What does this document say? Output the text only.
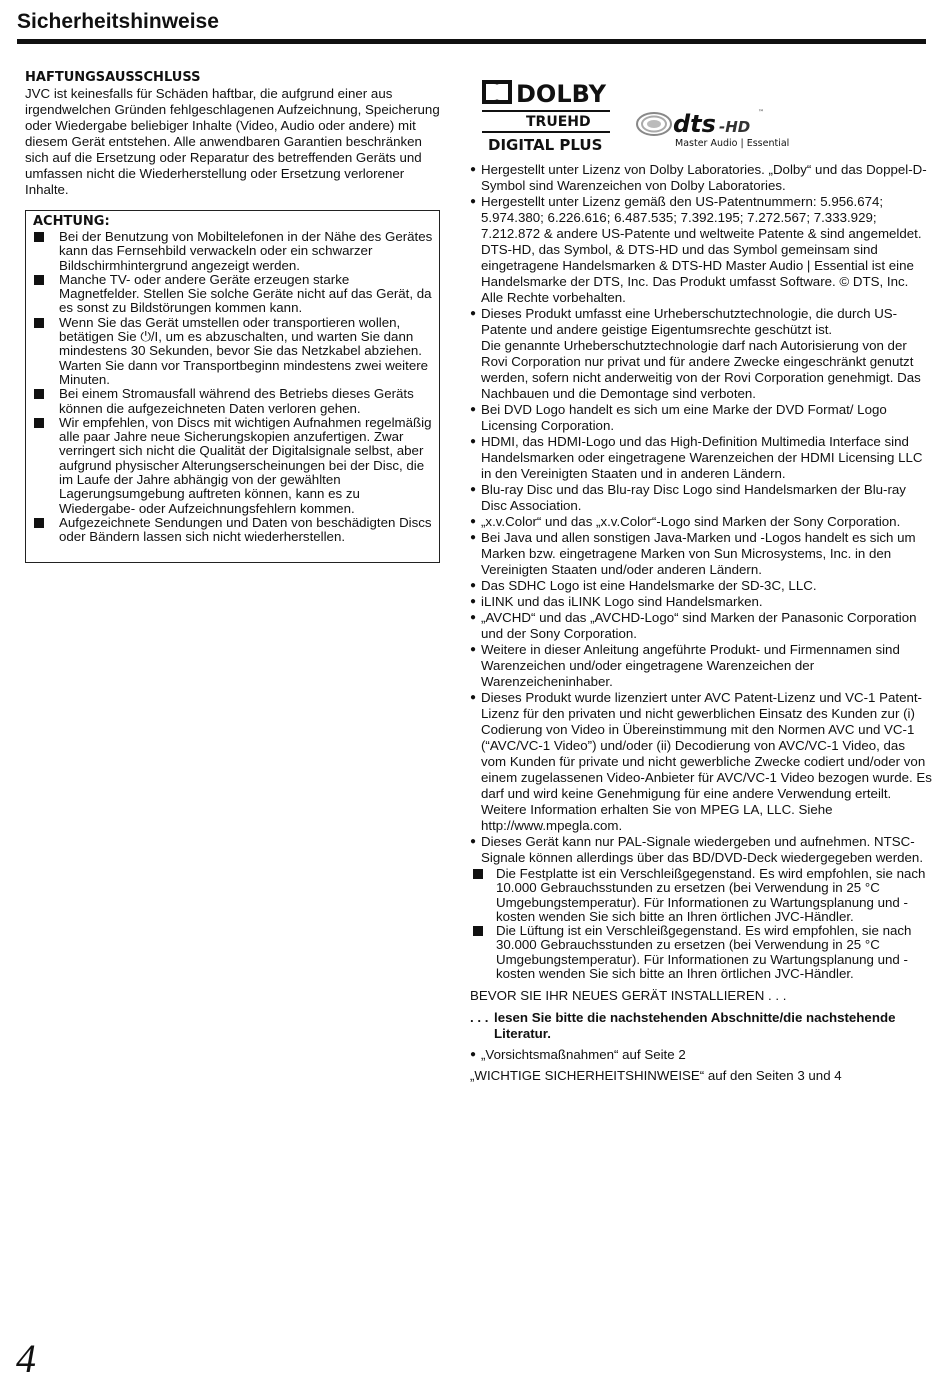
Sicherheitshinweise

HAFTUNGSAUSSCHLUSS

JVC ist keinesfalls für Schäden haftbar, die aufgrund einer aus irgendwelchen Gründen fehlgeschlagenen Aufzeichnung, Speicherung oder Wiedergabe beliebiger Inhalte (Video, Audio oder andere) mit diesem Gerät entstehen. Alle anwendbaren Garantien beschränken sich auf die Ersetzung oder Reparatur des betreffenden Geräts und umfassen nicht die Wiederherstellung oder Ersetzung verlorener Inhalte.

ACHTUNG:

Bei der Benutzung von Mobiltelefonen in der Nähe des Gerätes kann das Fernsehbild verwackeln oder ein schwarzer Bildschirmhintergrund angezeigt werden.
Manche TV- oder andere Geräte erzeugen starke Magnetfelder. Stellen Sie solche Geräte nicht auf das Gerät, da es sonst zu Bildstörungen kommen kann.
Wenn Sie das Gerät umstellen oder transportieren wollen, betätigen Sie ⏻/I, um es abzuschalten, und warten Sie dann mindestens 30 Sekunden, bevor Sie das Netzkabel abziehen. Warten Sie dann vor Transportbeginn mindestens zwei weitere Minuten.
Bei einem Stromausfall während des Betriebs dieses Geräts können die aufgezeichneten Daten verloren gehen.
Wir empfehlen, von Discs mit wichtigen Aufnahmen regelmäßig alle paar Jahre neue Sicherungskopien anzufertigen. Zwar verringert sich nicht die Qualität der Digitalsignale selbst, aber aufgrund physischer Alterungserscheinungen bei der Disc, die im Laufe der Jahre abhängig von der gewählten Lagerungsumgebung auftreten können, kann es zu Wiedergabe- oder Aufzeichnungsfehlern kommen.
Aufgezeichnete Sendungen und Daten von beschädigten Discs oder Bändern lassen sich nicht wiederherstellen.
DOLBY
TRUEHD
DIGITAL PLUS
dts -HD
™
Master Audio | Essential
● Hergestellt unter Lizenz von Dolby Laboratories. „Dolby“ und das Doppel-D-Symbol sind Warenzeichen von Dolby Laboratories.
● Hergestellt unter Lizenz gemäß den US-Patentnummern: 5.956.674; 5.974.380; 6.226.616; 6.487.535; 7.392.195; 7.272.567; 7.333.929; 7.212.872 & andere US-Patente und weltweite Patente & sind angemeldet.
DTS-HD, das Symbol, & DTS-HD und das Symbol gemeinsam sind eingetragene Handelsmarken & DTS-HD Master Audio | Essential ist eine Handelsmarke der DTS, Inc. Das Produkt umfasst Software. © DTS, Inc. Alle Rechte vorbehalten.
● Dieses Produkt umfasst eine Urheberschutztechnologie, die durch US-Patente und andere geistige Eigentumsrechte geschützt ist.
Die genannte Urheberschutztechnologie darf nach Autorisierung von der Rovi Corporation nur privat und für andere Zwecke eingeschränkt genutzt werden, sofern nicht anderweitig von der Rovi Corporation genehmigt. Das Nachbauen und die Demontage sind verboten.
● Bei DVD Logo handelt es sich um eine Marke der DVD Format/ Logo Licensing Corporation.
● HDMI, das HDMI-Logo und das High-Definition Multimedia Interface sind Handelsmarken oder eingetragene Warenzeichen der HDMI Licensing LLC in den Vereinigten Staaten und in anderen Ländern.
● Blu-ray Disc und das Blu-ray Disc Logo sind Handelsmarken der Blu-ray Disc Association.
● „x.v.Color“ und das „x.v.Color“-Logo sind Marken der Sony Corporation.
● Bei Java und allen sonstigen Java-Marken und -Logos handelt es sich um Marken bzw. eingetragene Marken von Sun Microsystems, Inc. in den Vereinigten Staaten und/oder anderen Ländern.
● Das SDHC Logo ist eine Handelsmarke der SD-3C, LLC.
● iLINK und das iLINK Logo sind Handelsmarken.
● „AVCHD“ und das „AVCHD-Logo“ sind Marken der Panasonic Corporation und der Sony Corporation.
● Weitere in dieser Anleitung angeführte Produkt- und Firmennamen sind Warenzeichen und/oder eingetragene Warenzeichen der Warenzeicheninhaber.
● Dieses Produkt wurde lizenziert unter AVC Patent-Lizenz und VC-1 Patent-Lizenz für den privaten und nicht gewerblichen Einsatz des Kunden zur (i) Codierung von Video in Übereinstimmung mit den Normen AVC und VC-1 (“AVC/VC-1 Video”) und/oder (ii) Decodierung von AVC/VC-1 Video, das vom Kunden für private und nicht gewerbliche Zwecke codiert und/oder von einem zugelassenen Video-Anbieter für AVC/VC-1 Video bezogen wurde. Es darf und wird keine Genehmigung für eine andere Verwendung erteilt. Weitere Information erhalten Sie von MPEG LA, LLC. Siehe http://www.mpegla.com.
● Dieses Gerät kann nur PAL-Signale wiedergeben und aufnehmen. NTSC-Signale können allerdings über das BD/DVD-Deck wiedergegeben werden.
Die Festplatte ist ein Verschleißgegenstand. Es wird empfohlen, sie nach 10.000 Gebrauchsstunden zu ersetzen (bei Verwendung in 25 °C Umgebungstemperatur). Für Informationen zu Wartungsplanung und -kosten wenden Sie sich bitte an Ihren örtlichen JVC-Händler.
Die Lüftung ist ein Verschleißgegenstand. Es wird empfohlen, sie nach 30.000 Gebrauchsstunden zu ersetzen (bei Verwendung in 25 °C Umgebungstemperatur). Für Informationen zu Wartungsplanung und -kosten wenden Sie sich bitte an Ihren örtlichen JVC-Händler.

BEVOR SIE IHR NEUES GERÄT INSTALLIEREN . . .

. . . lesen Sie bitte die nachstehenden Abschnitte/die nachstehende Literatur.
● „Vorsichtsmaßnahmen“ auf Seite 2

„WICHTIGE SICHERHEITSHINWEISE“ auf den Seiten 3 und 4

4
